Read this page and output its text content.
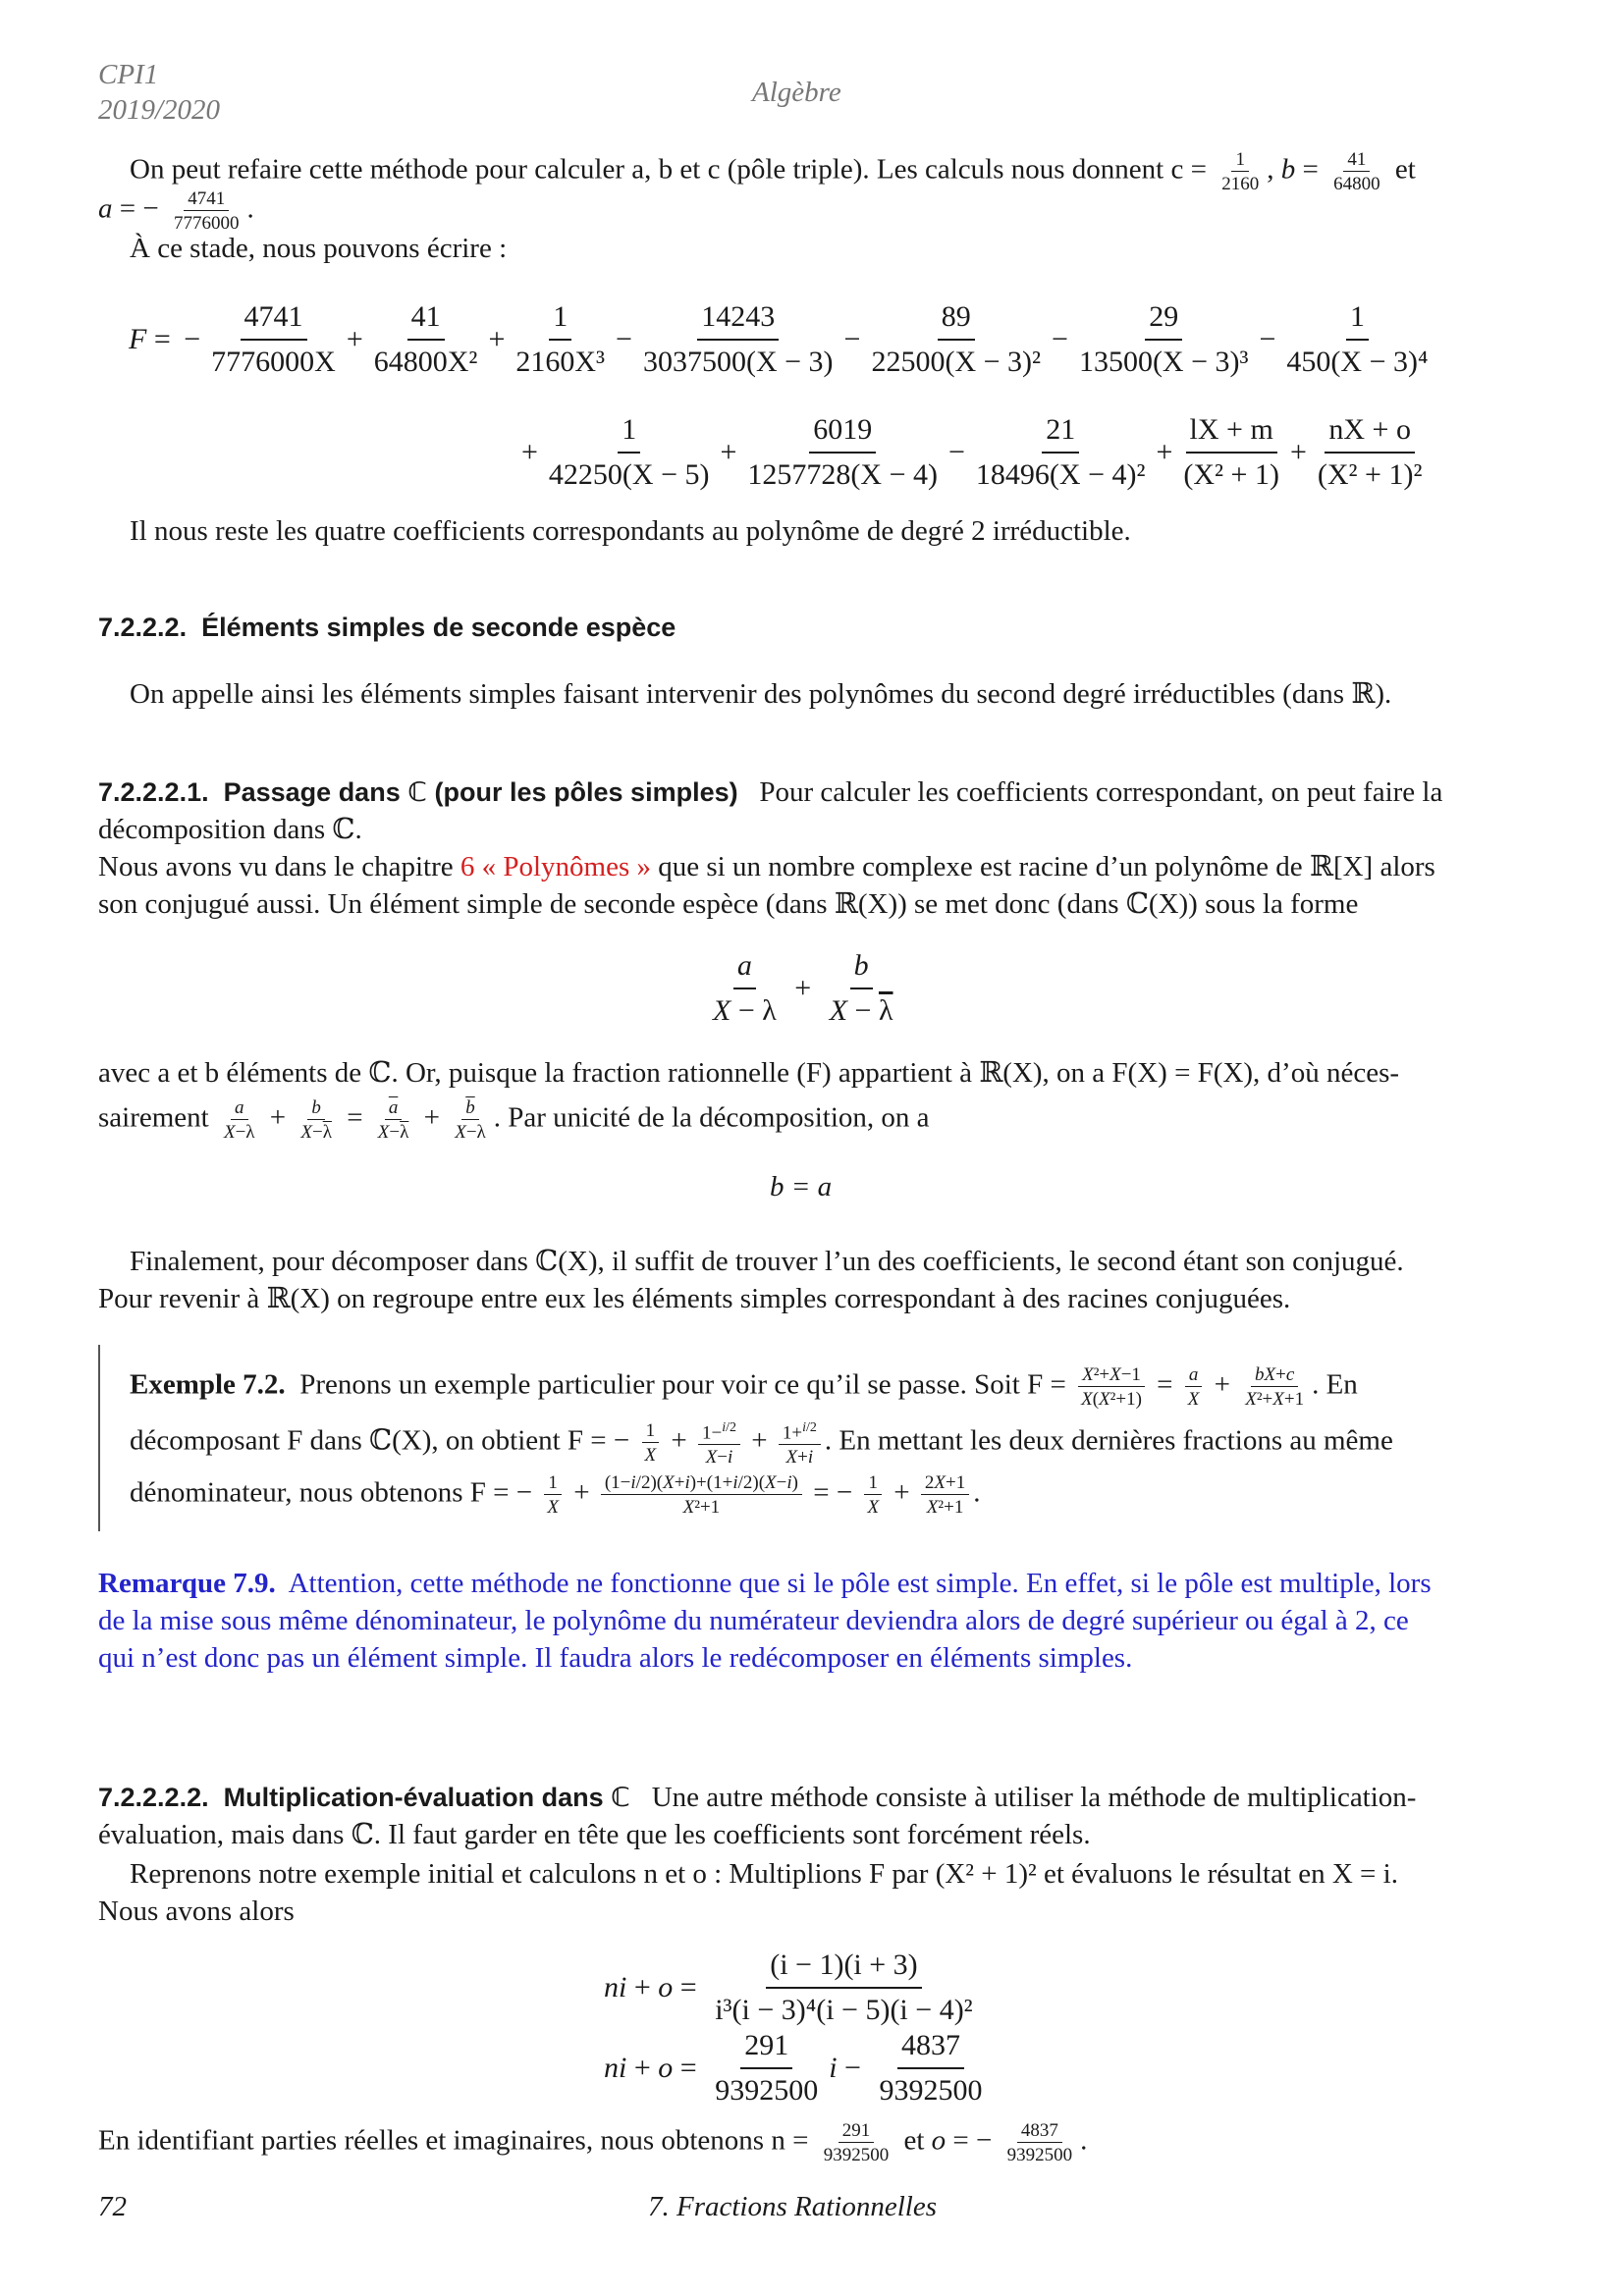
CPI1
2019/2020
Algèbre
On peut refaire cette méthode pour calculer a, b et c (pôle triple). Les calculs nous donnent $c = \frac{1}{2160}$ , $b = \frac{41}{64800}$ et
a = − $\frac{4741}{7776000}$ .
À ce stade, nous pouvons écrire :
F = − $\frac{4741}{7776000X} + \frac{41}{\text{64800X²}} + \frac{1}{\text{2160X³}} - \frac{14243}{3037500(X - 3)} - \frac{89}{\text{22500(X − 3)²}} - \frac{29}{\text{13500(X − 3)³}} - \frac{1}{\text{450(X − 3)⁴}}$
+ $\frac{1}{42250(X - 5)} + \frac{6019}{1257728(X - 4)} - \frac{21}{\text{18496(X − 4)²}} + \frac{lX + m}{\text{(X² + 1)}} + \frac{nX + o}{\text{(X² + 1)²}}$
Il nous reste les quatre coefficients correspondants au polynôme de degré 2 irréductible.
7.2.2.2. Éléments simples de seconde espèce
On appelle ainsi les éléments simples faisant intervenir des polynômes du second degré irréductibles (dans ℝ).
7.2.2.2.1. Passage dans ℂ (pour les pôles simples) Pour calculer les coefficients correspondant, on peut faire la
décomposition dans ℂ.
Nous avons vu dans le chapitre 6 « Polynômes » que si un nombre complexe est racine d’un polynôme de ℝ[X] alors
son conjugué aussi. Un élément simple de seconde espèce (dans ℝ(X)) se met donc (dans ℂ(X)) sous la forme
$\frac{a}{X - \lambda} + \frac{b}{X - \overline{\lambda}}$
avec a et b éléments de ℂ. Or, puisque la fraction rationnelle (F) appartient à ℝ(X), on a F(X) = F(X), d’où néces-
sairement $\frac{a}{X-\lambda} + \frac{b}{X-\overline{\lambda}} = \frac{\overline{a}}{X-\overline{\lambda}} + \frac{\overline{b}}{X-\lambda}$ . Par unicité de la décomposition, on a
b = a
Finalement, pour décomposer dans ℂ(X), il suffit de trouver l’un des coefficients, le second étant son conjugué.
Pour revenir à ℝ(X) on regroupe entre eux les éléments simples correspondant à des racines conjuguées.
Exemple 7.2. Prenons un exemple particulier pour voir ce qu’il se passe. Soit $F = \frac{\text{X²+X−1}}{\text{X(X²+1)}} = \frac{a}{X} + \frac{bX+c}{\text{X²+X+1}}$ . En
décomposant F dans ℂ(X), on obtient F = − $\frac{1}{X} + \frac{1-^{i/2}}{X-i} + \frac{1+^{i/2}}{X+i}$ . En mettant les deux dernières fractions au même
dénominateur, nous obtenons F = − $\frac{1}{X} + \frac{(1-i/2)(X+i)+(1+i/2)(X-i)}{\text{X²+1}}$ = − $\frac{1}{X} + \frac{2X+1}{\text{X²+1}}$ .
Remarque 7.9. Attention, cette méthode ne fonctionne que si le pôle est simple. En effet, si le pôle est multiple, lors
de la mise sous même dénominateur, le polynôme du numérateur deviendra alors de degré supérieur ou égal à 2, ce
qui n’est donc pas un élément simple. Il faudra alors le redécomposer en éléments simples.
7.2.2.2.2. Multiplication-évaluation dans ℂ Une autre méthode consiste à utiliser la méthode de multiplication-
évaluation, mais dans ℂ. Il faut garder en tête que les coefficients sont forcément réels.
Reprenons notre exemple initial et calculons n et o : Multiplions F par (X² + 1)² et évaluons le résultat en X = i.
Nous avons alors
ni + $o = \frac{(i - 1)(i + 3)}{\text{i³(i − 3)⁴(i − 5)(i − 4)²}}$
ni + $o = \frac{291}{9392500}$ $i - \frac{4837}{9392500}$
En identifiant parties réelles et imaginaires, nous obtenons $n = \frac{291}{9392500}$ et o = − $\frac{4837}{9392500}$ .
72	7. Fractions Rationnelles
